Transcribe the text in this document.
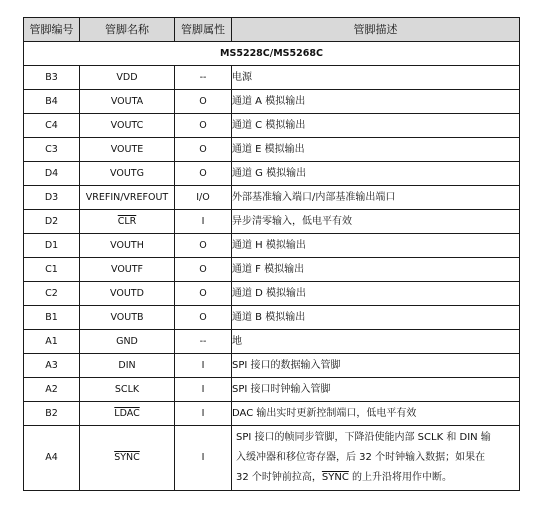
管脚编号	管脚名称	管脚属性	管脚描述
MS5228C/MS5268C			
B3	VDD	--	电源
B4	VOUTA	O	通道 A 模拟输出
C4	VOUTC	O	通道 C 模拟输出
C3	VOUTE	O	通道 E 模拟输出
D4	VOUTG	O	通道 G 模拟输出
D3	VREFIN/VREFOUT	I/O	外部基准输入端口/内部基准输出端口
D2	$\overline{CLR}$	I	异步清零输入，低电平有效
D1	VOUTH	O	通道 H 模拟输出
C1	VOUTF	O	通道 F 模拟输出
C2	VOUTD	O	通道 D 模拟输出
B1	VOUTB	O	通道 B 模拟输出
A1	GND	--	地
A3	DIN	I	SPI 接口的数据输入管脚
A2	SCLK	I	SPI 接口时钟输入管脚
B2	LDAC	I	DAC 输出实时更新控制端口，低电平有效
A4	SYNC	I	SPI 接口的帧同步管脚，下降沿使能内部 SCLK 和 DIN 输
入缓冲器和移位寄存器，后 32 个时钟输入数据；如果在
32 个时钟前拉高，SYNC 的上升沿将用作中断。
